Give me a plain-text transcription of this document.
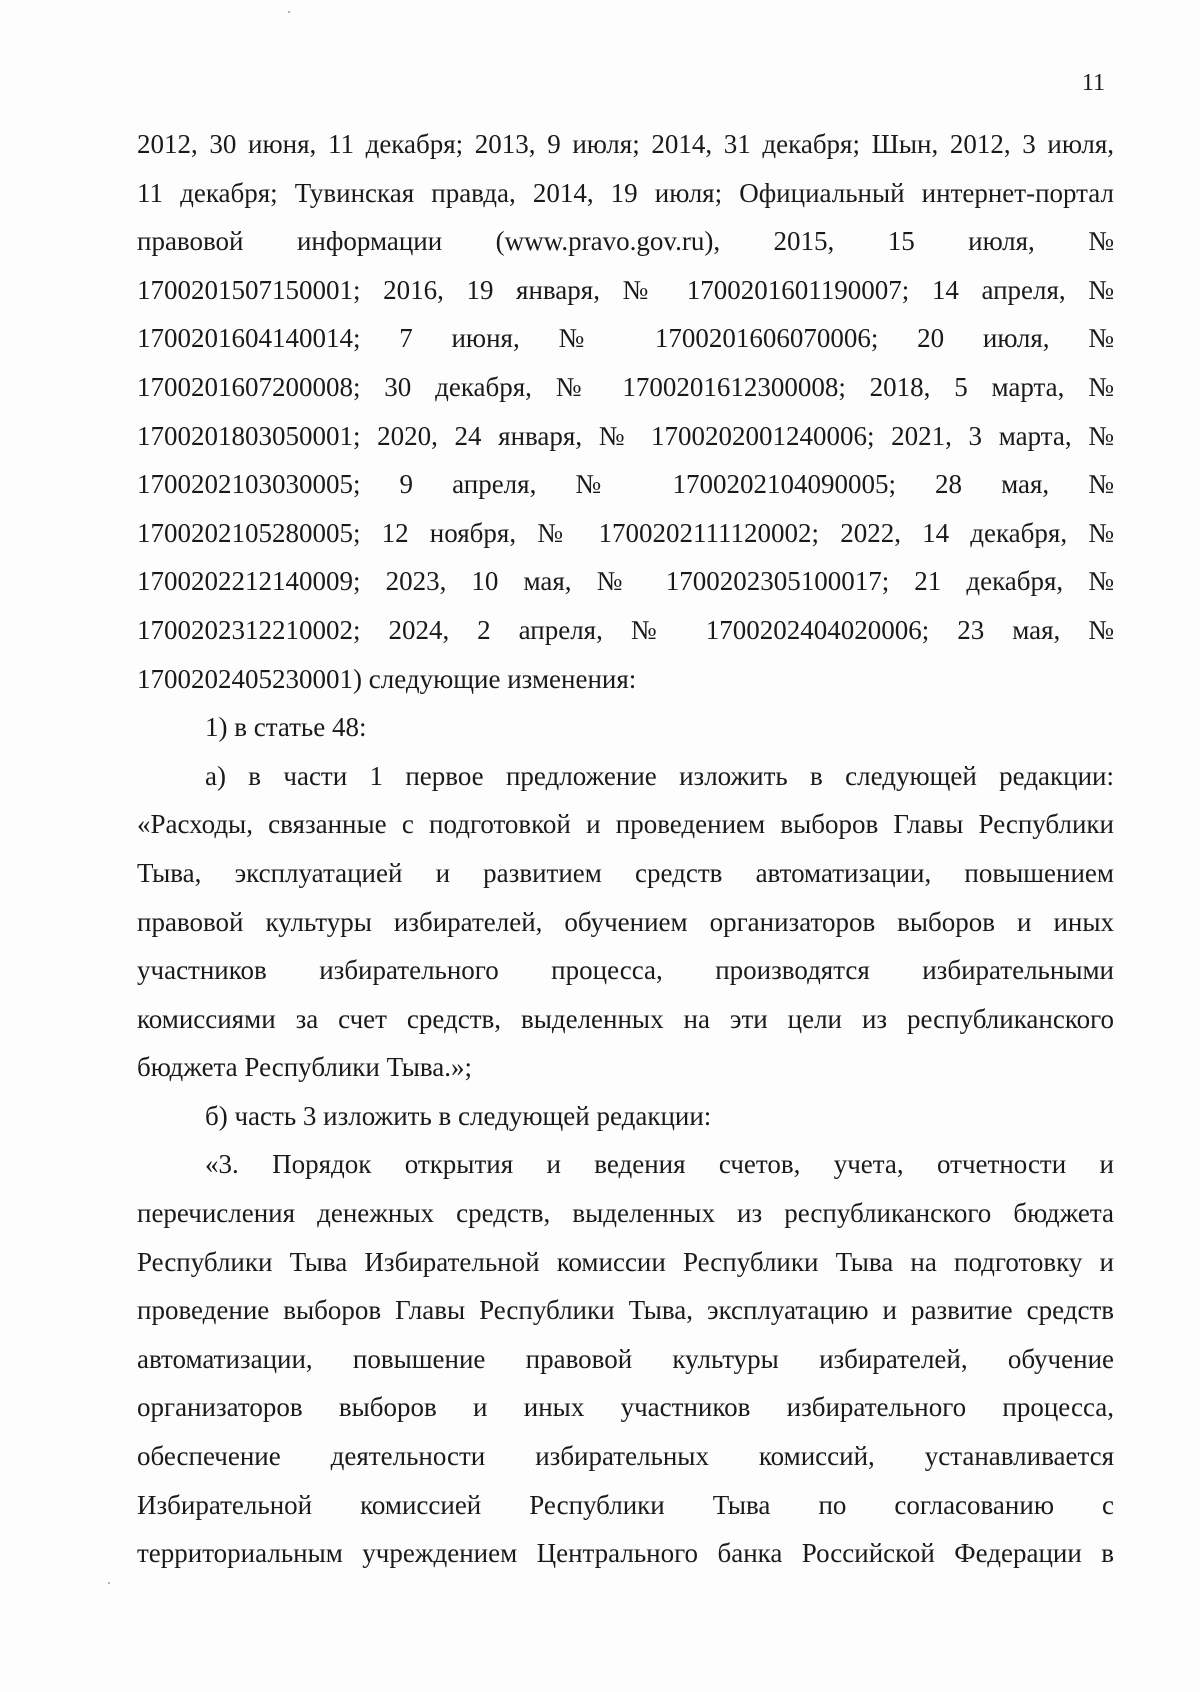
11

2012, 30 июня, 11 декабря; 2013, 9 июля; 2014, 31 декабря; Шын, 2012, 3 июля,

11 декабря; Тувинская правда, 2014, 19 июля; Официальный интернет-портал

правовой информации (www.pravo.gov.ru), 2015, 15 июля, №

1700201507150001; 2016, 19 января, № 1700201601190007; 14 апреля, №

1700201604140014; 7 июня, № 1700201606070006; 20 июля, №

1700201607200008; 30 декабря, № 1700201612300008; 2018, 5 марта, №

1700201803050001; 2020, 24 января, № 1700202001240006; 2021, 3 марта, №

1700202103030005; 9 апреля, № 1700202104090005; 28 мая, №

1700202105280005; 12 ноября, № 1700202111120002; 2022, 14 декабря, №

1700202212140009; 2023, 10 мая, № 1700202305100017; 21 декабря, №

1700202312210002; 2024, 2 апреля, № 1700202404020006; 23 мая, №

1700202405230001) следующие изменения:

1) в статье 48:

а) в части 1 первое предложение изложить в следующей редакции:

«Расходы, связанные с подготовкой и проведением выборов Главы Республики

Тыва, эксплуатацией и развитием средств автоматизации, повышением

правовой культуры избирателей, обучением организаторов выборов и иных

участников избирательного процесса, производятся избирательными

комиссиями за счет средств, выделенных на эти цели из республиканского

бюджета Республики Тыва.»;

б) часть 3 изложить в следующей редакции:

«3. Порядок открытия и ведения счетов, учета, отчетности и

перечисления денежных средств, выделенных из республиканского бюджета

Республики Тыва Избирательной комиссии Республики Тыва на подготовку и

проведение выборов Главы Республики Тыва, эксплуатацию и развитие средств

автоматизации, повышение правовой культуры избирателей, обучение

организаторов выборов и иных участников избирательного процесса,

обеспечение деятельности избирательных комиссий, устанавливается

Избирательной комиссией Республики Тыва по согласованию с

территориальным учреждением Центрального банка Российской Федерации в
